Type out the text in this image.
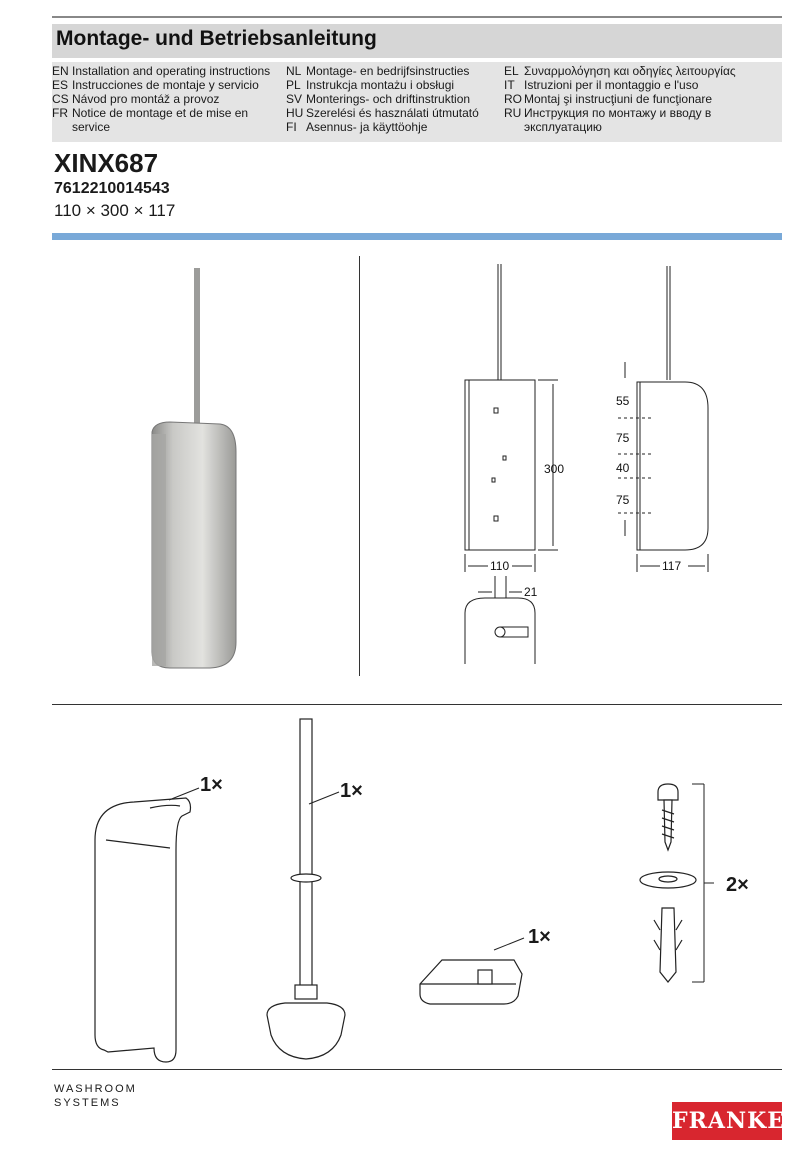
Montage- und Betriebsanleitung
EN Installation and operating instructions
ES Instrucciones de montaje y servicio
CS Návod pro montáž a provoz
FR Notice de montage et de mise en service
NL Montage- en bedrijfsinstructies
PL Instrukcja montażu i obsługi
SV Monterings- och driftinstruktion
HU Szerelési és használati útmutató
FI Asennus- ja käyttöohje
EL Συναρμολόγηση και οδηγίες λειτουργίας
IT Istruzioni per il montaggio e l'uso
RO Montaj şi instrucţiuni de funcţionare
RU Инструкция по монтажу и вводу в эксплуатацию
XINX687
7612210014543
110 × 300 × 117
300
110	117
21
55
75
40
75
1×	1×
1×
2×
WASHROOM
SYSTEMS
FRANKE
